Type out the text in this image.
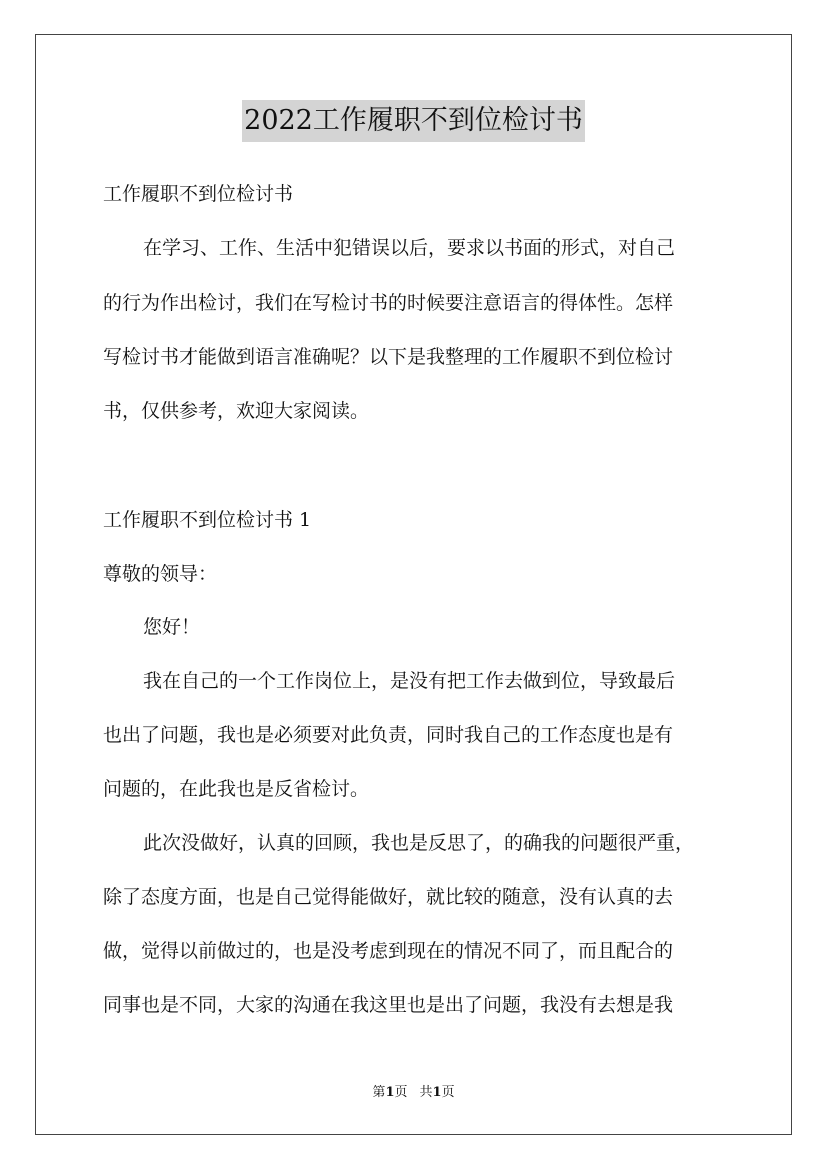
2022工作履职不到位检讨书
工作履职不到位检讨书
在学习、工作、生活中犯错误以后，要求以书面的形式，对自己
的行为作出检讨，我们在写检讨书的时候要注意语言的得体性。怎样
写检讨书才能做到语言准确呢？以下是我整理的工作履职不到位检讨
书，仅供参考，欢迎大家阅读。
工作履职不到位检讨书 1
尊敬的领导：
您好！
我在自己的一个工作岗位上，是没有把工作去做到位，导致最后
也出了问题，我也是必须要对此负责，同时我自己的工作态度也是有
问题的，在此我也是反省检讨。
此次没做好，认真的回顾，我也是反思了，的确我的问题很严重，
除了态度方面，也是自己觉得能做好，就比较的随意，没有认真的去
做，觉得以前做过的，也是没考虑到现在的情况不同了，而且配合的
同事也是不同，大家的沟通在我这里也是出了问题，我没有去想是我
第1页 共1页
